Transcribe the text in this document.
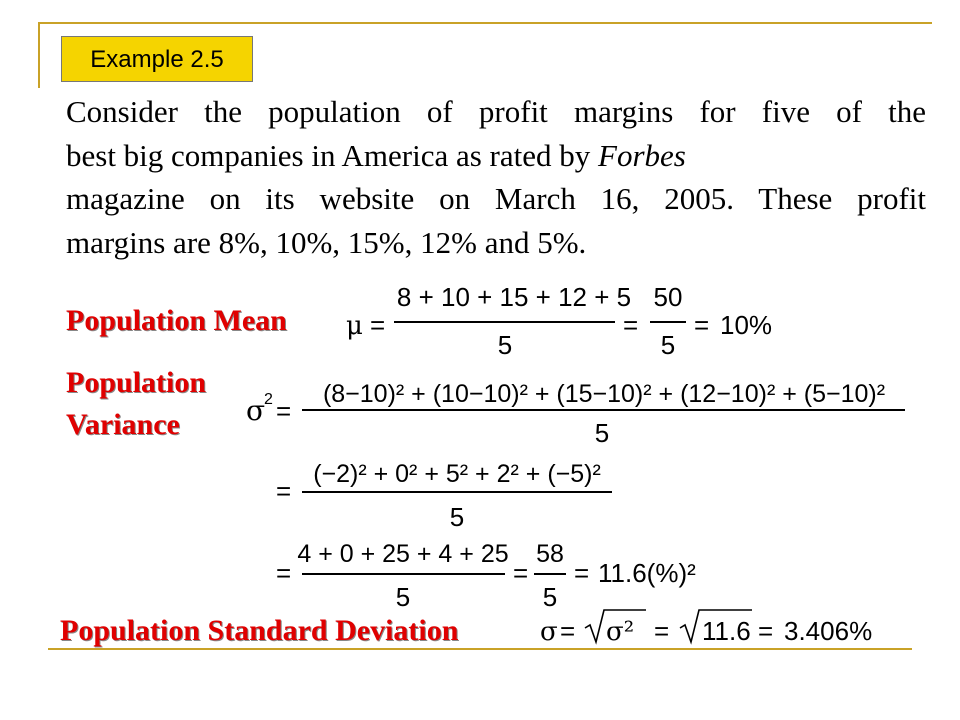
Example 2.5
Consider the population of profit margins for five of the
best big companies in America as rated by Forbes
magazine on its website on March 16, 2005. These profit
margins are 8%, 10%, 15%, 12% and 5%.
Population Mean
Population
Variance
Population Standard Deviation
μ =
8 + 10 + 15 + 12 + 5
5
=
50
5
= 10%
σ
2 =
(8−10)² + (10−10)² + (15−10)² + (12−10)² + (5−10)²
5
=
(−2)² + 0² + 5² + 2² + (−5)²
5
=
4 + 0 + 25 + 4 + 25
5
=
58
5
= 11.6(%)²
σ = σ² = 11.6 = 3.406%
